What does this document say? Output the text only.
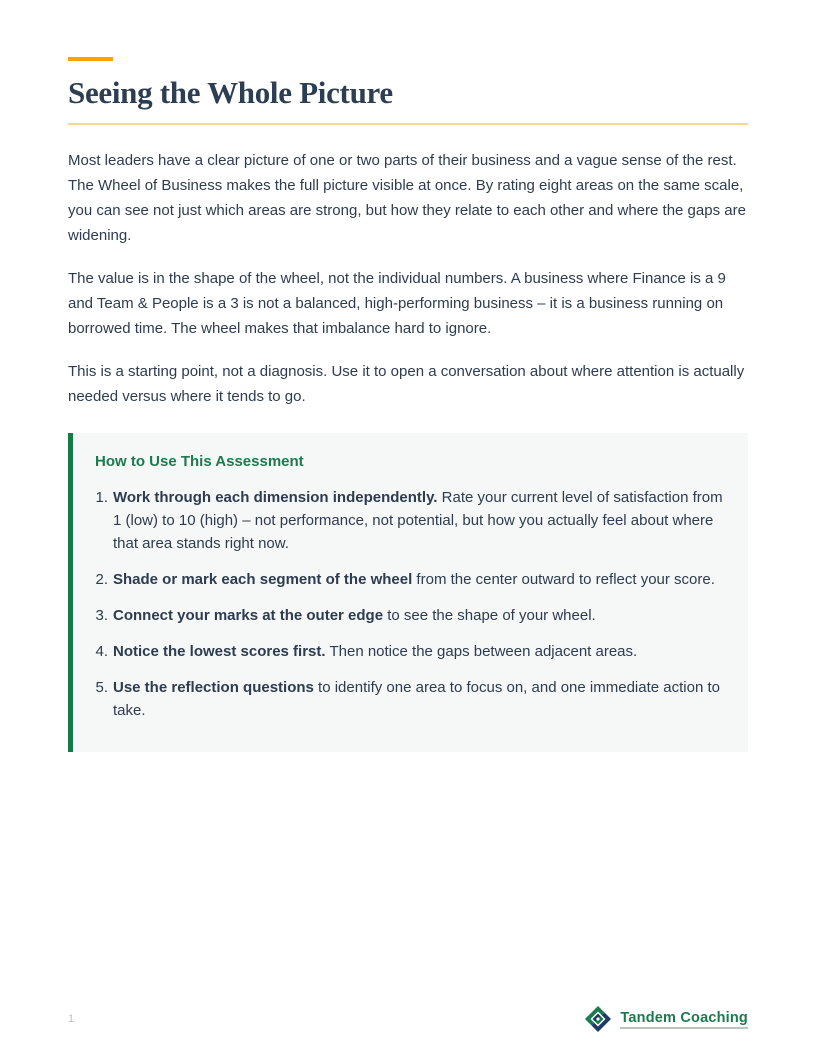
Seeing the Whole Picture

Most leaders have a clear picture of one or two parts of their business and a vague sense of the rest. The Wheel of Business makes the full picture visible at once. By rating eight areas on the same scale, you can see not just which areas are strong, but how they relate to each other and where the gaps are widening.

The value is in the shape of the wheel, not the individual numbers. A business where Finance is a 9 and Team & People is a 3 is not a balanced, high-performing business – it is a business running on borrowed time. The wheel makes that imbalance hard to ignore.

This is a starting point, not a diagnosis. Use it to open a conversation about where attention is actually needed versus where it tends to go.

How to Use This Assessment
1. Work through each dimension independently. Rate your current level of satisfaction from 1 (low) to 10 (high) – not performance, not potential, but how you actually feel about where that area stands right now.
2. Shade or mark each segment of the wheel from the center outward to reflect your score.
3. Connect your marks at the outer edge to see the shape of your wheel.
4. Notice the lowest scores first. Then notice the gaps between adjacent areas.
5. Use the reflection questions to identify one area to focus on, and one immediate action to take.
1	Tandem Coaching
